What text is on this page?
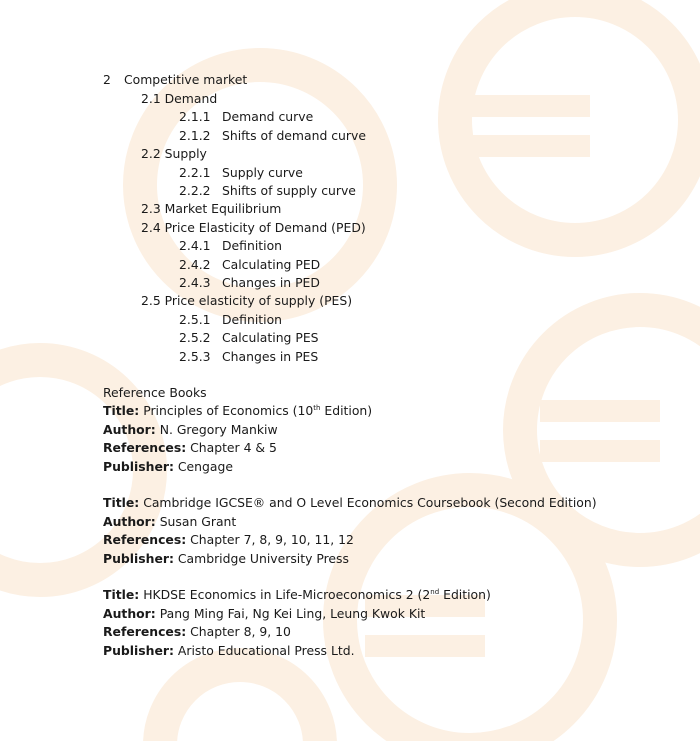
2 Competitive market
2.1 Demand
2.1.1 Demand curve
2.1.2 Shifts of demand curve
2.2 Supply
2.2.1 Supply curve
2.2.2 Shifts of supply curve
2.3 Market Equilibrium
2.4 Price Elasticity of Demand (PED)
2.4.1 Definition
2.4.2 Calculating PED
2.4.3 Changes in PED
2.5 Price elasticity of supply (PES)
2.5.1 Definition
2.5.2 Calculating PES
2.5.3 Changes in PES
Reference Books
Title: Principles of Economics (10th Edition)
Author: N. Gregory Mankiw
References: Chapter 4 & 5
Publisher: Cengage
Title: Cambridge IGCSE® and O Level Economics Coursebook (Second Edition)
Author: Susan Grant
References: Chapter 7, 8, 9, 10, 11, 12
Publisher: Cambridge University Press
Title: HKDSE Economics in Life-Microeconomics 2 (2nd Edition)
Author: Pang Ming Fai, Ng Kei Ling, Leung Kwok Kit
References: Chapter 8, 9, 10
Publisher: Aristo Educational Press Ltd.
